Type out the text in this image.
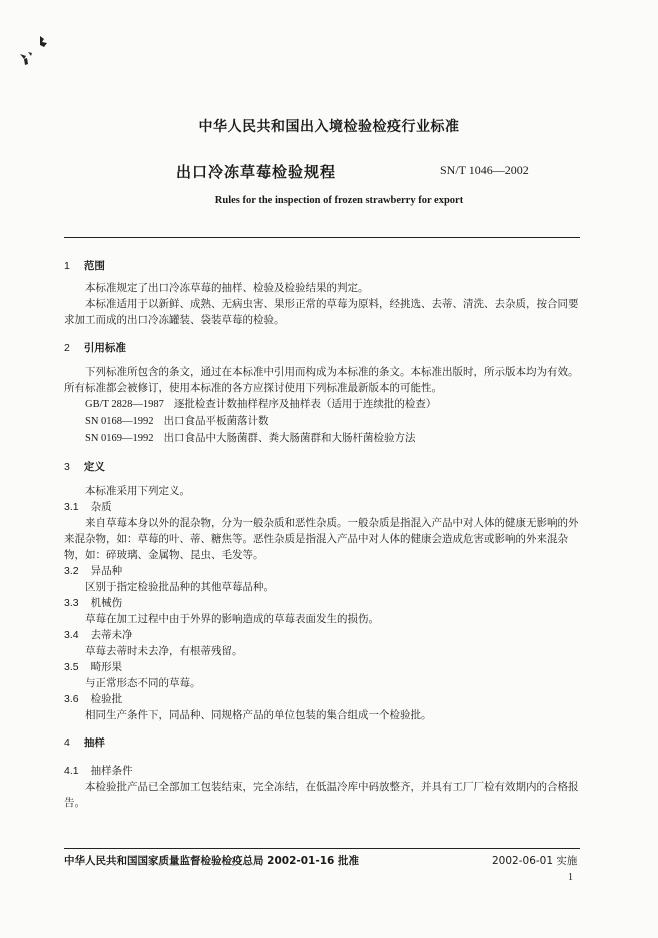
中华人民共和国出入境检验检疫行业标准
出口冷冻草莓检验规程	SN/T 1046—2002
Rules for the inspection of frozen strawberry for export
1 范围

本标准规定了出口冷冻草莓的抽样、检验及检验结果的判定。

本标准适用于以新鲜、成熟、无病虫害、果形正常的草莓为原料，经挑选、去蒂、清洗、去杂质，按合同要求加工而成的出口冷冻罐装、袋装草莓的检验。

2 引用标准

下列标准所包含的条文，通过在本标准中引用而构成为本标准的条文。本标准出版时，所示版本均为有效。所有标准都会被修订，使用本标准的各方应探讨使用下列标准最新版本的可能性。

GB/T 2828—1987 逐批检查计数抽样程序及抽样表（适用于连续批的检查）

SN 0168—1992 出口食品平板菌落计数

SN 0169—1992 出口食品中大肠菌群、粪大肠菌群和大肠杆菌检验方法

3 定义

本标准采用下列定义。

3.1 杂质

来自草莓本身以外的混杂物，分为一般杂质和恶性杂质。一般杂质是指混入产品中对人体的健康无影响的外来混杂物，如：草莓的叶、蒂、糖焦等。恶性杂质是指混入产品中对人体的健康会造成危害或影响的外来混杂物，如：碎玻璃、金属物、昆虫、毛发等。

3.2 异品种

区别于指定检验批品种的其他草莓品种。

3.3 机械伤

草莓在加工过程中由于外界的影响造成的草莓表面发生的损伤。

3.4 去蒂未净

草莓去蒂时未去净，有根蒂残留。

3.5 畸形果

与正常形态不同的草莓。

3.6 检验批

相同生产条件下，同品种、同规格产品的单位包装的集合组成一个检验批。

4 抽样
4.1 抽样条件

本检验批产品已全部加工包装结束，完全冻结，在低温冷库中码放整齐，并具有工厂厂检有效期内的合格报告。

中华人民共和国国家质量监督检验检疫总局 2002-01-16 批准	2002-06-01 实施
1
